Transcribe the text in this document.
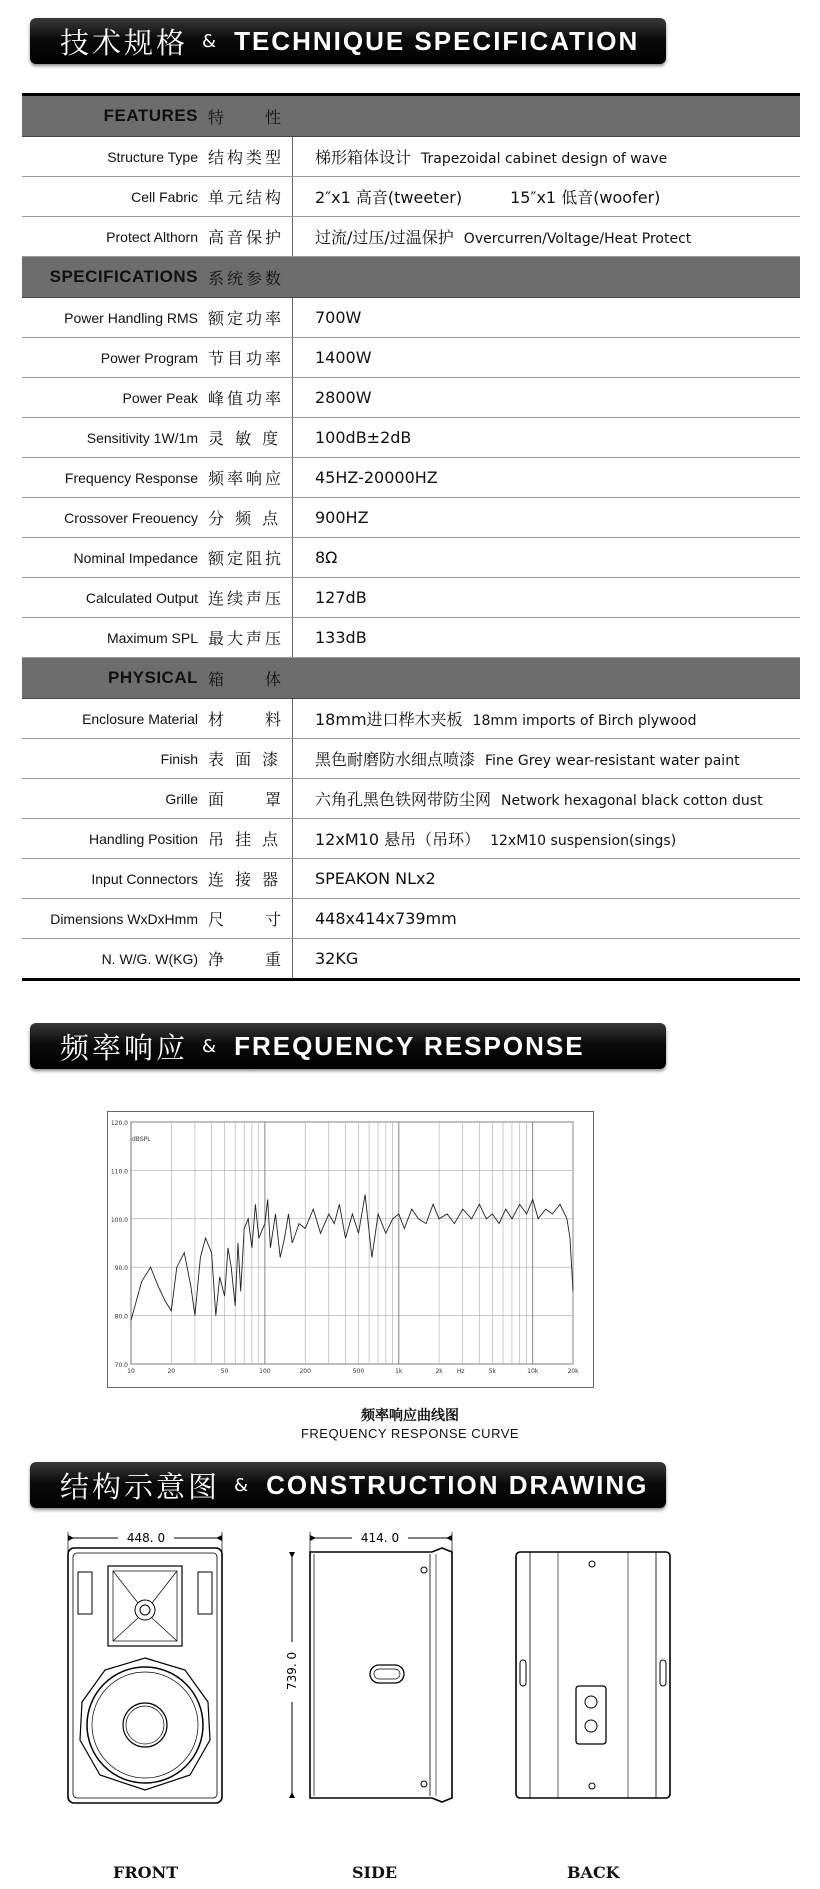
技术规格 & TECHNIQUE SPECIFICATION
FEATURES	特　　性	
Structure Type	结构类型	梯形箱体设计 Trapezoidal cabinet design of wave
Cell Fabric	单元结构	2″x1 高音(tweeter)　　　15″x1 低音(woofer)
Protect Althorn	高音保护	过流/过压/过温保护 Overcurren/Voltage/Heat Protect
SPECIFICATIONS	系统参数	
Power Handling RMS	额定功率	700W
Power Program	节目功率	1400W
Power Peak	峰值功率	2800W
Sensitivity 1W/1m	灵 敏 度	100dB±2dB
Frequency Response	频率响应	45HZ-20000HZ
Crossover Freouency	分 频 点	900HZ
Nominal Impedance	额定阻抗	8Ω
Calculated Output	连续声压	127dB
Maximum SPL	最大声压	133dB
PHYSICAL	箱　　体	
Enclosure Material	材　　料	18mm进口桦木夹板 18mm imports of Birch plywood
Finish	表 面 漆	黑色耐磨防水细点喷漆 Fine Grey wear-resistant water paint
Grille	面　　罩	六角孔黑色铁网带防尘网 Network hexagonal black cotton dust
Handling Position	吊 挂 点	12xM10 悬吊（吊环） 12xM10 suspension(sings)
Input Connectors	连 接 器	SPEAKON NLx2
Dimensions WxDxHmm	尺　　寸	448x414x739mm
N. W/G. W(KG)	净　　重	32KG
频率响应 & FREQUENCY RESPONSE
120.0
110.0
100.0
90.0
80.0
70.0
dBSPL
10	20	50	100	200	500	1k	2k Hz	5k	10k	20k
频率响应曲线图
FREQUENCY RESPONSE CURVE
结构示意图 & CONSTRUCTION DRAWING
448. 0	414. 0
739. 0
FRONT	SIDE	BACK
